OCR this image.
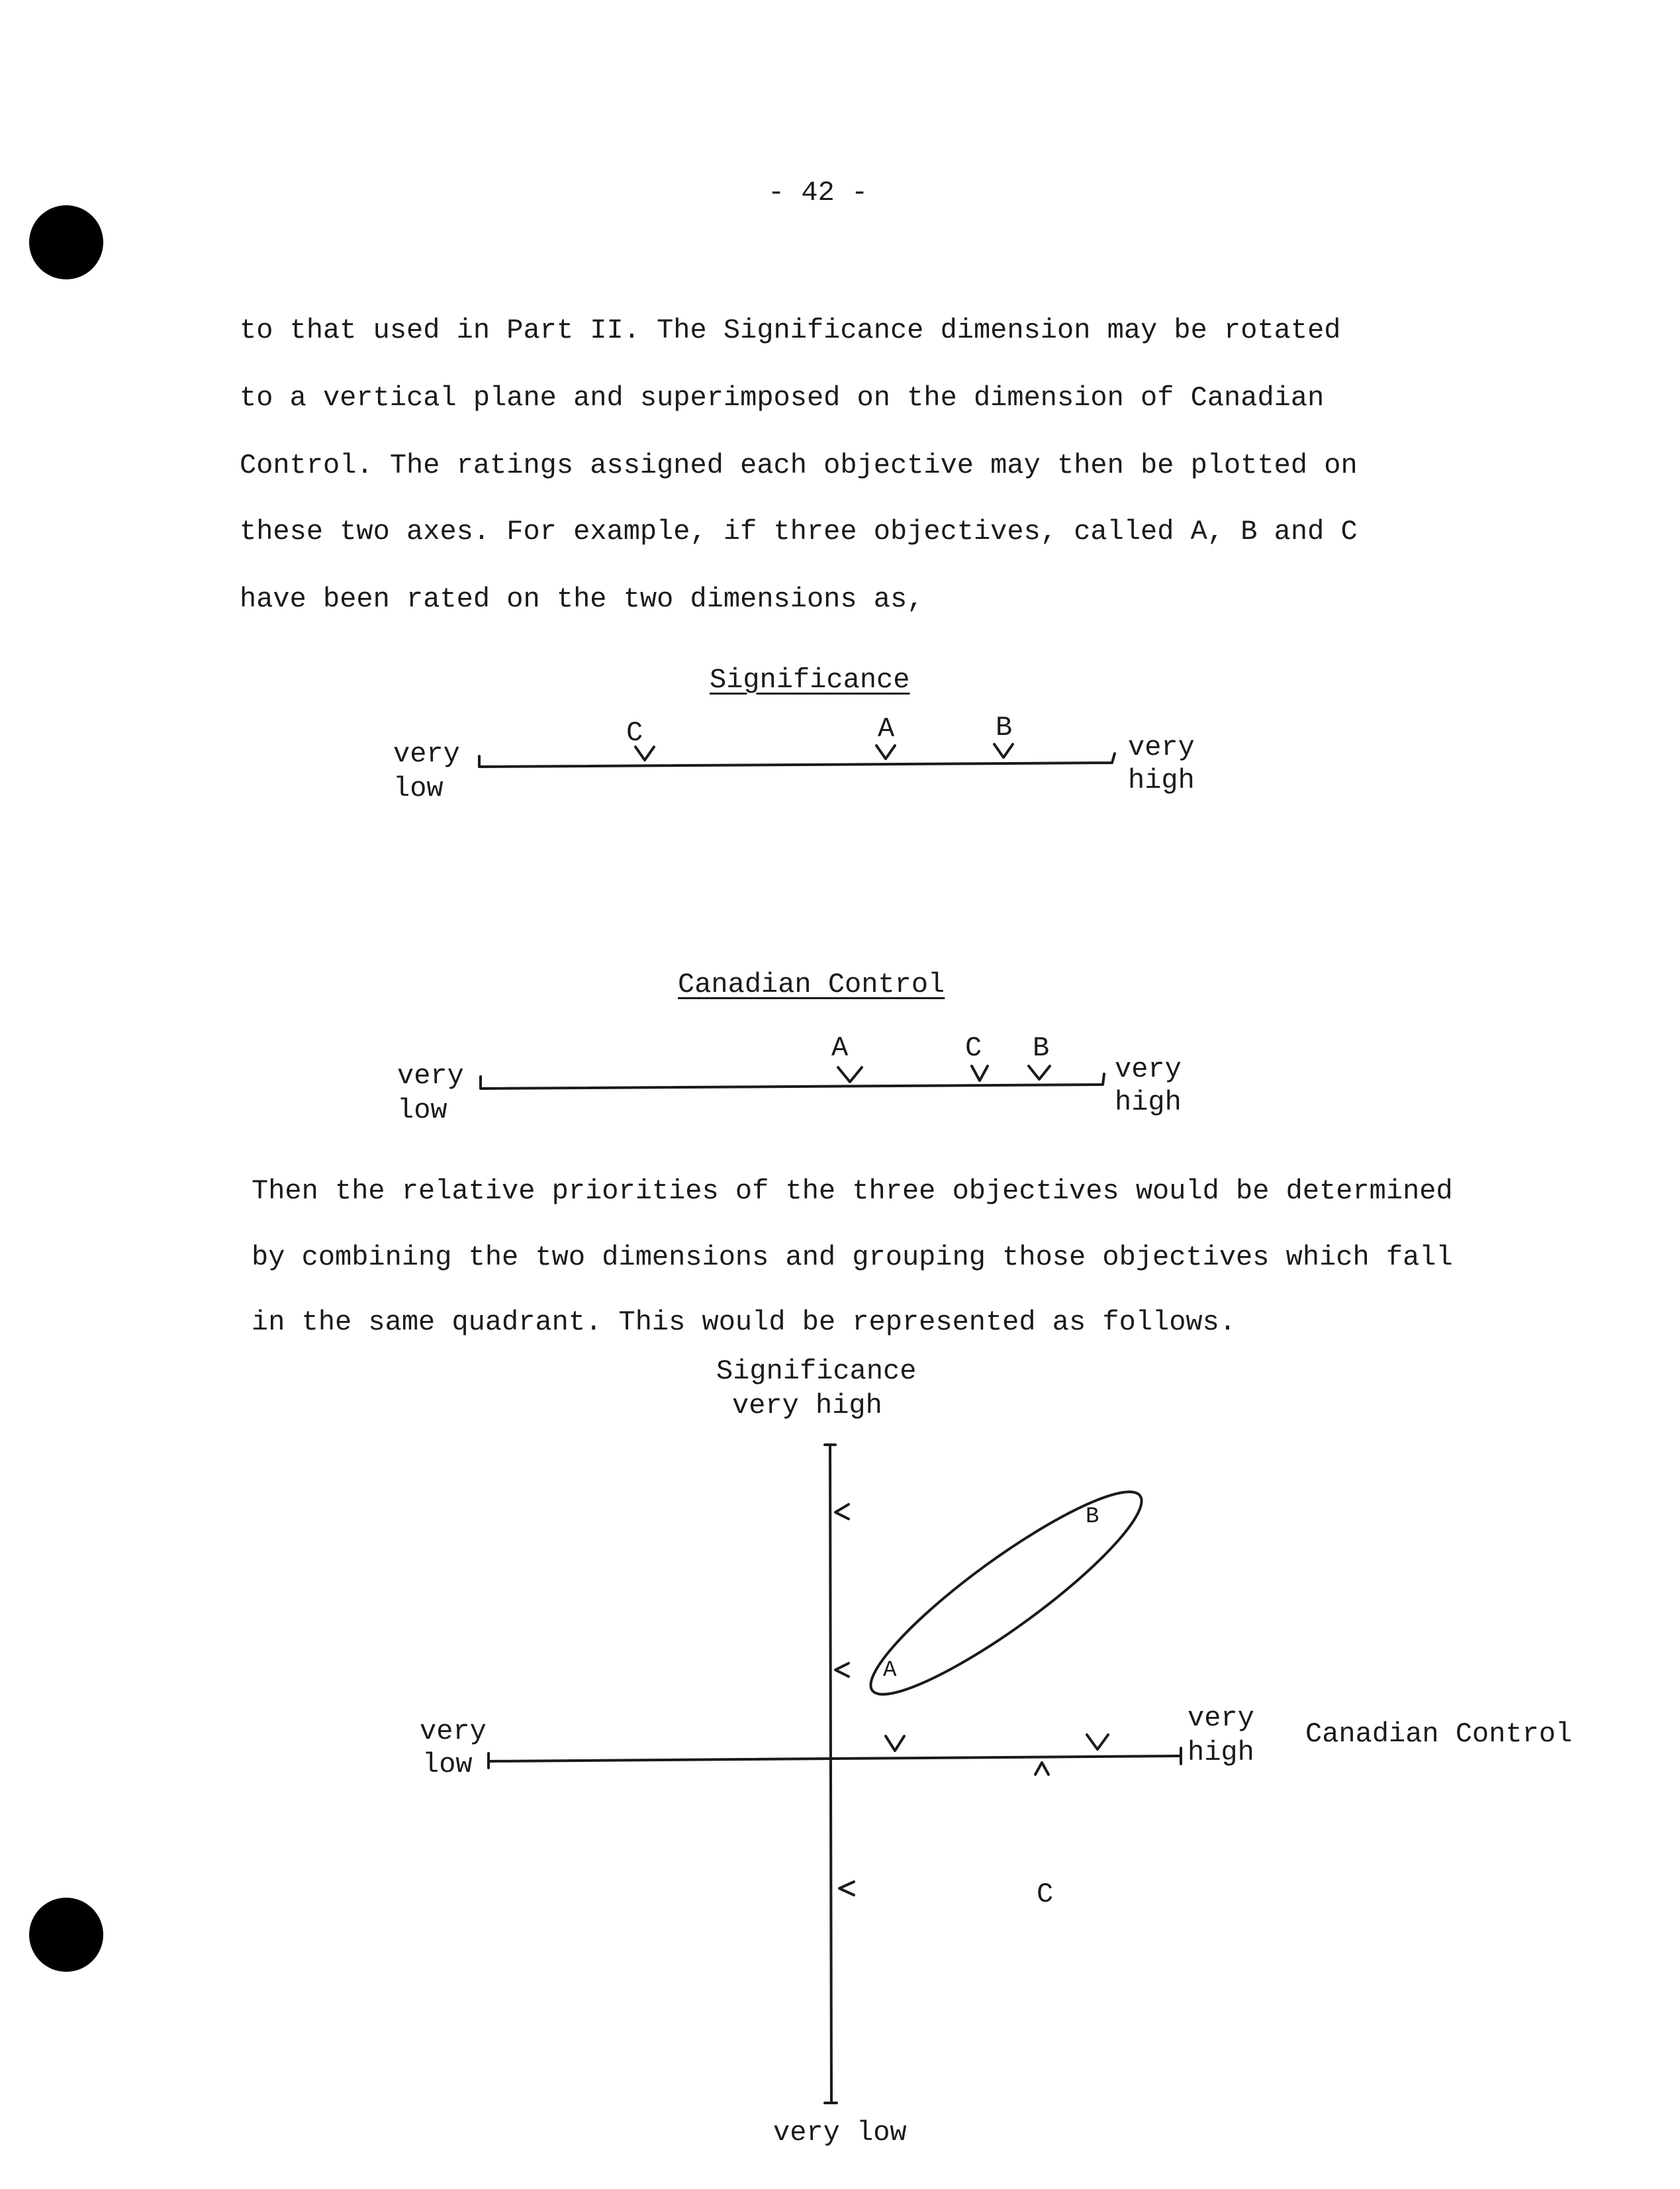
- 42 -
to that used in Part II. The Significance dimension may be rotated
to a vertical plane and superimposed on the dimension of Canadian
Control. The ratings assigned each objective may then be plotted on
these two axes. For example, if three objectives, called A, B and C
have been rated on the two dimensions as,
Significance
very
low
very
high
C	A	B
Canadian Control
very
low
very
high
A	C B
Then the relative priorities of the three objectives would be determined
by combining the two dimensions and grouping those objectives which fall
in the same quadrant. This would be represented as follows.
Significance
very high
very low
very
low
very
high
Canadian Control
A
B
C
